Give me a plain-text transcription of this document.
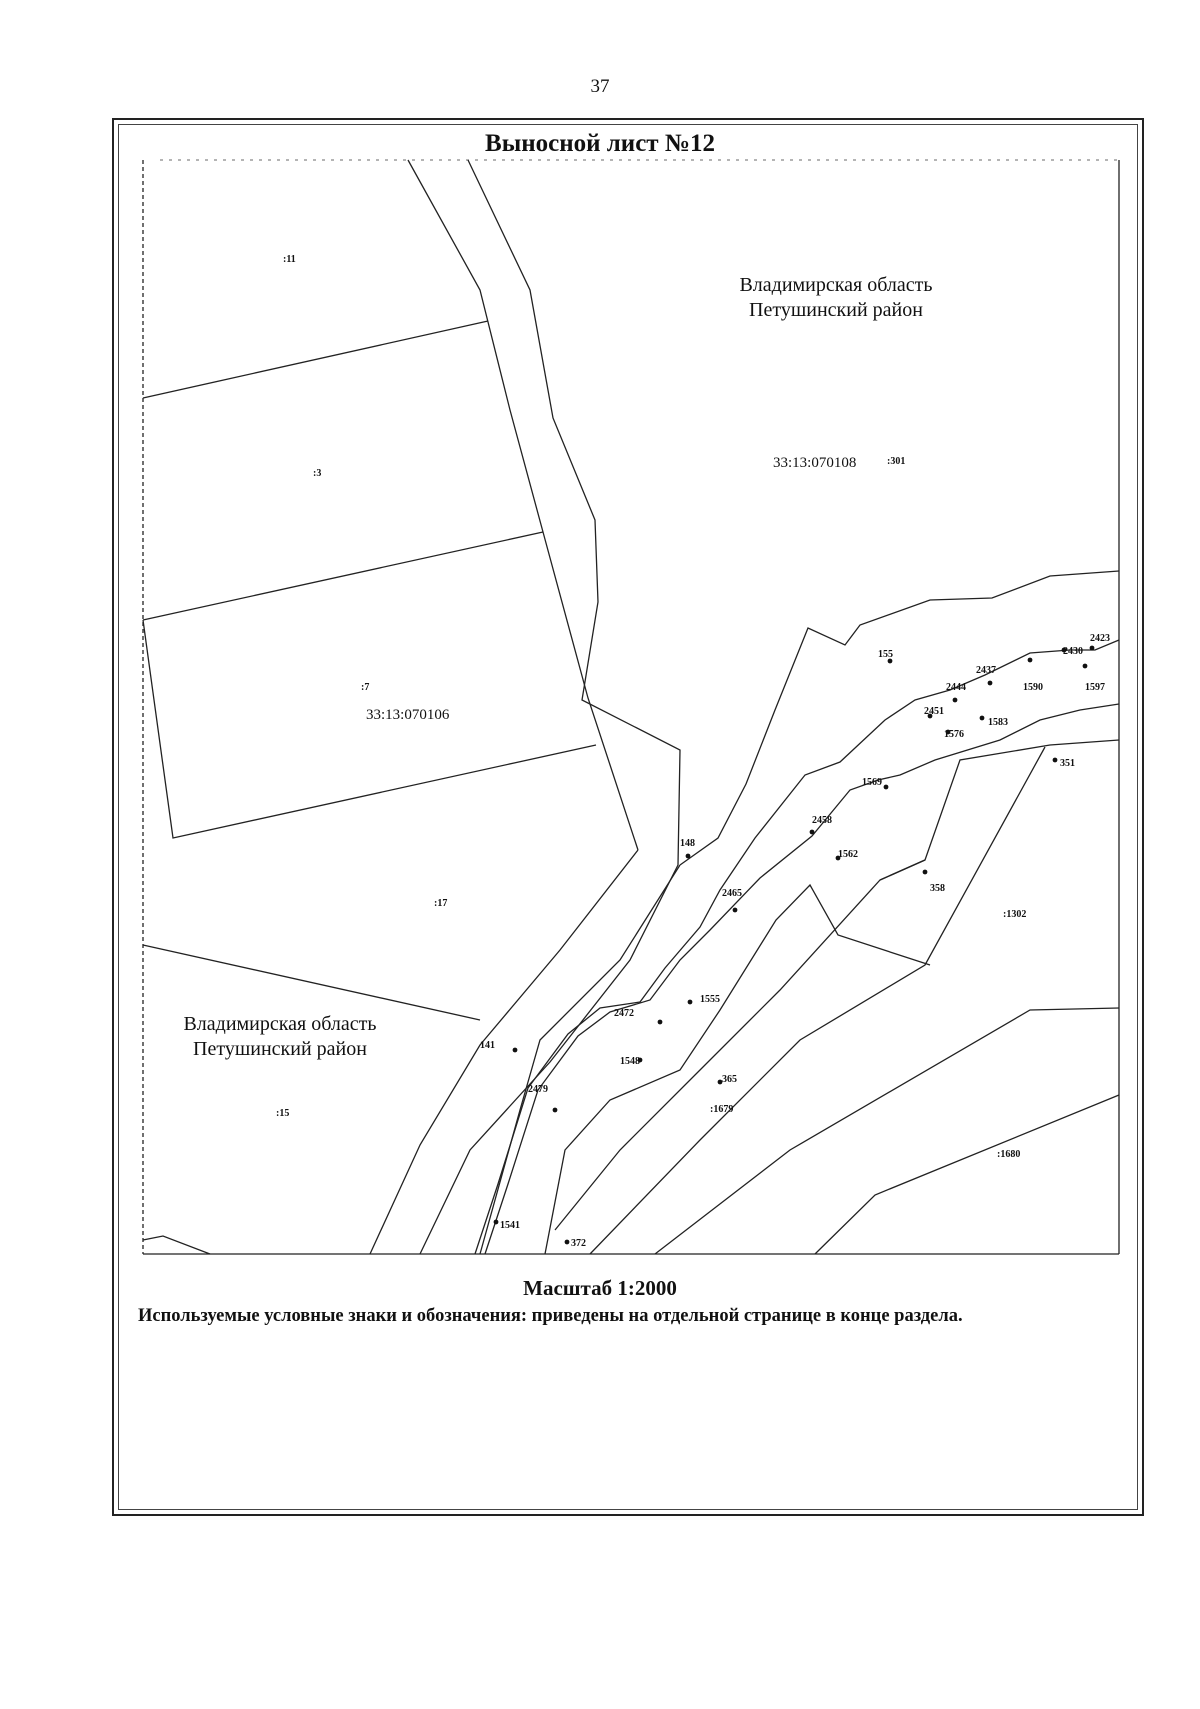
37
Выносной лист №12
:11
:3
:7
:17
:15
:301
:1302
:1679
:1680
33:13:070108
33:13:070106
Владимирская область
Петушинский район
Владимирская область
Петушинский район
155
2423
2430
2437
1590	1597
2444
2451
1583
1576
351
1569
2458
1562
148
358
2465
1555
2472
141
1548
365
2479
1541
372
Масштаб 1:2000
Используемые условные знаки и обозначения: приведены на отдельной странице в конце раздела.
